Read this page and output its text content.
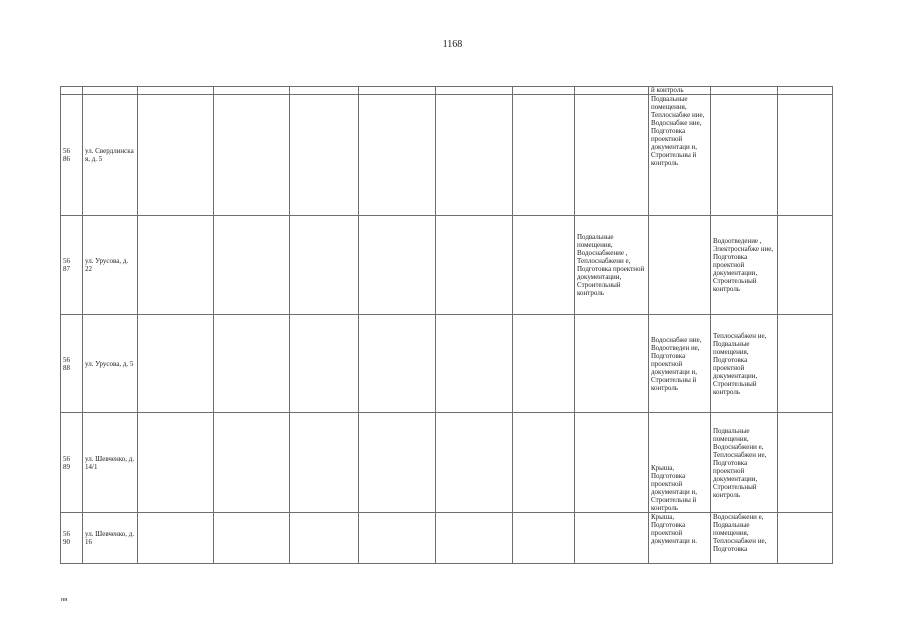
1168

									й контроль		

56
86	ул. Свердлинска я, д. 5								Подвальные помещения, Теплоснабже ние, Водоснабже ние, Подготовка проектной документаци и, Строительны й контроль		
56
87	ул. Урусова, д. 22							Подвальные помещения, Водоснабжение , Теплоснабжени е, Подготовка проектной документации, Строительный контроль		Водоотведение , Электроснабже ние, Подготовка проектной документации, Строительный контроль	
56
88	ул. Урусова, д. 5								Водоснабже ние, Водоотведен ие, Подготовка проектной документаци и, Строительны й контроль	Теплоснабжен ие, Подвальные помещения, Подготовка проектной документации, Строительный контроль	
56
89	ул. Шевченко, д. 14/1								Крыша, Подготовка проектной документаци и, Строительны й контроль	Подвальные помещения, Водоснабжени е, Теплоснабжен ие, Подготовка проектной документации, Строительный контроль	
56
90	ул. Шевченко, д. 16								Крыша, Подготовка проектной документаци и.	Водоснабжени е, Подвальные помещения, Теплоснабжен ие, Подготовка	
нн
